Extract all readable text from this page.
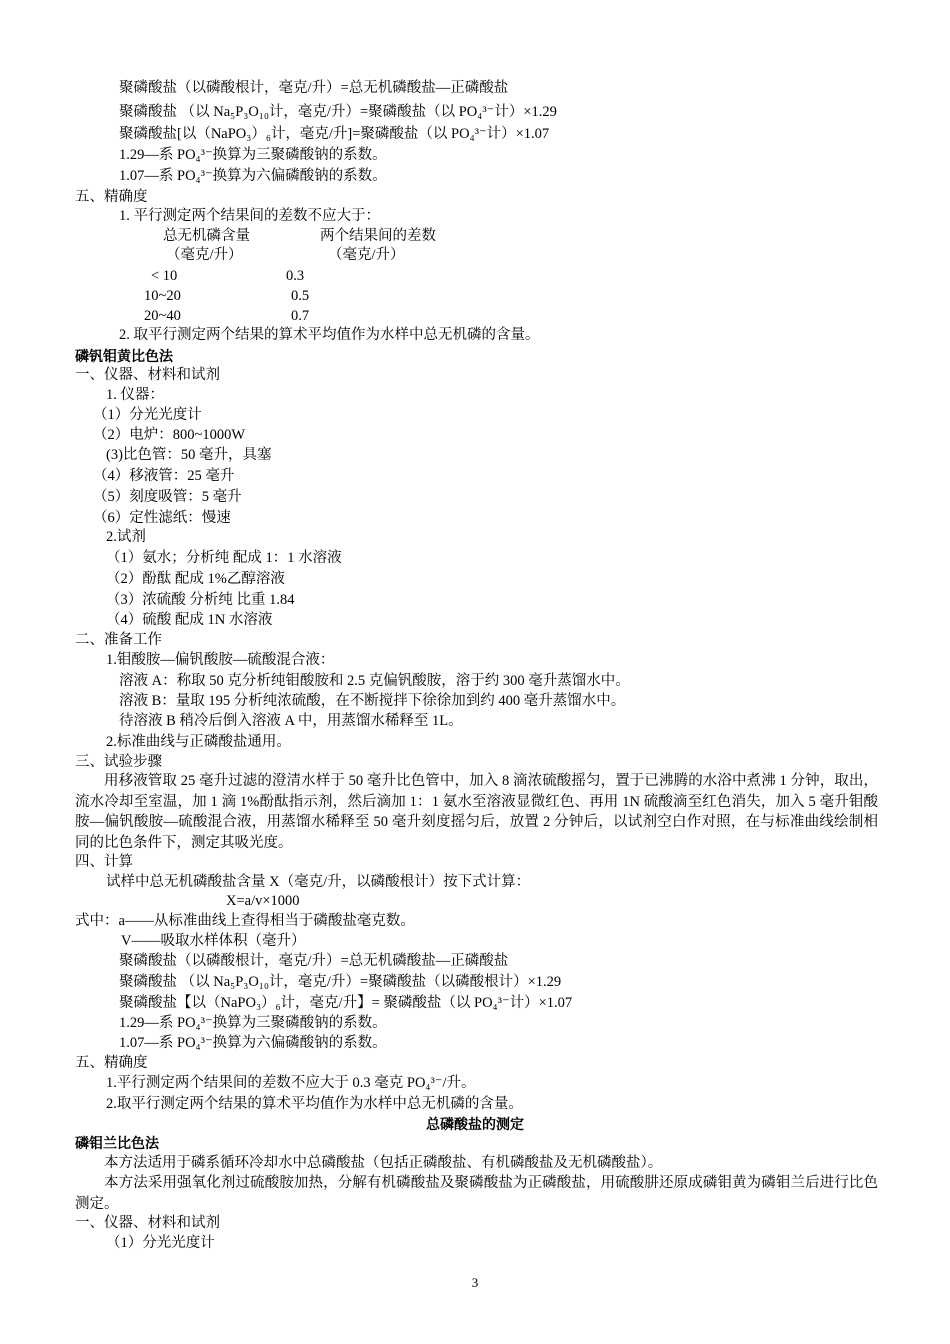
聚磷酸盐（以磷酸根计，毫克/升）=总无机磷酸盐—正磷酸盐
聚磷酸盐 （以 Na₅P₃O₁₀计，毫克/升）=聚磷酸盐（以 PO₄³⁻计）×1.29
聚磷酸盐[以（NaPO₃）₆计，毫克/升]=聚磷酸盐（以 PO₄³⁻计）×1.07
1.29—系 PO₄³⁻换算为三聚磷酸钠的系数。
1.07—系 PO₄³⁻换算为六偏磷酸钠的系数。
五、精确度
1. 平行测定两个结果间的差数不应大于：
总无机磷含量	两个结果间的差数
（毫克/升）	（毫克/升）
< 10	0.3
10~20	0.5
20~40	0.7
2. 取平行测定两个结果的算术平均值作为水样中总无机磷的含量。
磷钒钼黄比色法
一、仪器、材料和试剂
1. 仪器：
（1）分光光度计
（2）电炉：800~1000W
(3)比色管：50 毫升，具塞
（4）移液管：25 毫升
（5）刻度吸管：5 毫升
（6）定性滤纸：慢速
2.试剂
（1）氨水；分析纯 配成 1：1 水溶液
（2）酚酞 配成 1%乙醇溶液
（3）浓硫酸 分析纯 比重 1.84
（4）硫酸 配成 1N 水溶液
二、准备工作
1.钼酸胺—偏钒酸胺—硫酸混合液：
溶液 A：称取 50 克分析纯钼酸胺和 2.5 克偏钒酸胺，溶于约 300 毫升蒸馏水中。
溶液 B：量取 195 分析纯浓硫酸，在不断搅拌下徐徐加到约 400 毫升蒸馏水中。
待溶液 B 稍冷后倒入溶液 A 中，用蒸馏水稀释至 1L。
2.标准曲线与正磷酸盐通用。
三、试验步骤
用移液管取 25 毫升过滤的澄清水样于 50 毫升比色管中，加入 8 滴浓硫酸摇匀，置于已沸腾的水浴中煮沸 1 分钟，取出，流水冷却至室温，加 1 滴 1%酚酞指示剂，然后滴加 1：1 氨水至溶液显微红色、再用 1N 硫酸滴至红色消失，加入 5 毫升钼酸胺—偏钒酸胺—硫酸混合液，用蒸馏水稀释至 50 毫升刻度摇匀后，放置 2 分钟后，以试剂空白作对照，在与标准曲线绘制相同的比色条件下，测定其吸光度。
四、计算
试样中总无机磷酸盐含量 X（毫克/升，以磷酸根计）按下式计算：
X=a/v×1000
式中：a——从标准曲线上查得相当于磷酸盐毫克数。
V——吸取水样体积（毫升）
聚磷酸盐（以磷酸根计，毫克/升）=总无机磷酸盐—正磷酸盐
聚磷酸盐 （以 Na₅P₃O₁₀计，毫克/升）=聚磷酸盐（以磷酸根计）×1.29
聚磷酸盐【以（NaPO₃）₆计，毫克/升】= 聚磷酸盐（以 PO₄³⁻计）×1.07
1.29—系 PO₄³⁻换算为三聚磷酸钠的系数。
1.07—系 PO₄³⁻换算为六偏磷酸钠的系数。
五、精确度
1.平行测定两个结果间的差数不应大于 0.3 毫克 PO₄³⁻/升。
2.取平行测定两个结果的算术平均值作为水样中总无机磷的含量。
总磷酸盐的测定
磷钼兰比色法
本方法适用于磷系循环冷却水中总磷酸盐（包括正磷酸盐、有机磷酸盐及无机磷酸盐）。
本方法采用强氧化剂过硫酸胺加热，分解有机磷酸盐及聚磷酸盐为正磷酸盐，用硫酸肼还原成磷钼黄为磷钼兰后进行比色测定。
一、仪器、材料和试剂
（1）分光光度计
3
